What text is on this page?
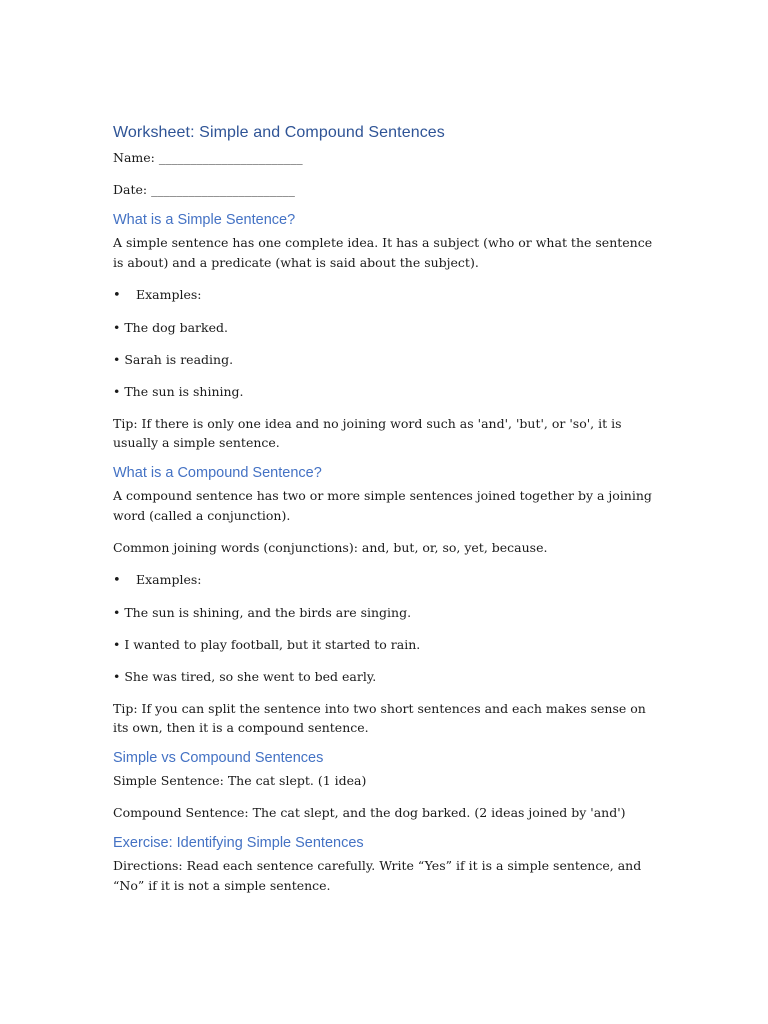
Worksheet: Simple and Compound Sentences

Name: _______________________

Date: _______________________

What is a Simple Sentence?

A simple sentence has one complete idea. It has a subject (who or what the sentence is about) and a predicate (what is said about the subject).

•	Examples:

• The dog barked.

• Sarah is reading.

• The sun is shining.

Tip: If there is only one idea and no joining word such as 'and', 'but', or 'so', it is usually a simple sentence.

What is a Compound Sentence?

A compound sentence has two or more simple sentences joined together by a joining word (called a conjunction).

Common joining words (conjunctions): and, but, or, so, yet, because.

•	Examples:

• The sun is shining, and the birds are singing.

• I wanted to play football, but it started to rain.

• She was tired, so she went to bed early.

Tip: If you can split the sentence into two short sentences and each makes sense on its own, then it is a compound sentence.

Simple vs Compound Sentences

Simple Sentence: The cat slept. (1 idea)

Compound Sentence: The cat slept, and the dog barked. (2 ideas joined by 'and')

Exercise: Identifying Simple Sentences

Directions: Read each sentence carefully. Write “Yes” if it is a simple sentence, and “No” if it is not a simple sentence.
